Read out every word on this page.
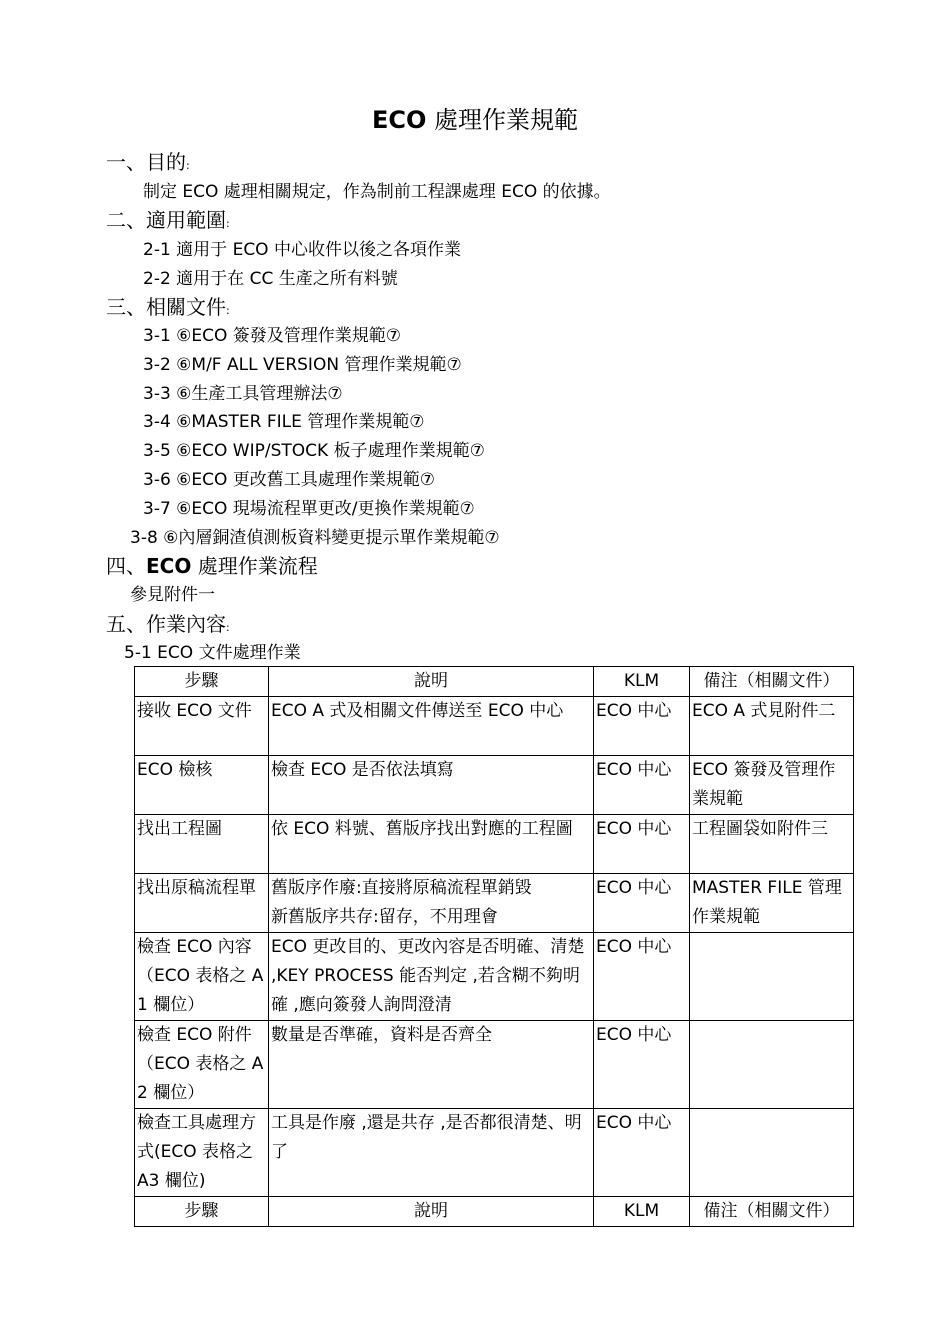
ECO 處理作業規範
一、目的:
制定 ECO 處理相關規定，作為制前工程課處理 ECO 的依據。
二、適用範圍:
2-1 適用于 ECO 中心收件以後之各項作業
2-2 適用于在 CC 生產之所有料號
三、相關文件:
3-1 ⑥ECO 簽發及管理作業規範⑦
3-2 ⑥M/F ALL VERSION 管理作業規範⑦
3-3 ⑥生產工具管理辦法⑦
3-4 ⑥MASTER FILE 管理作業規範⑦
3-5 ⑥ECO WIP/STOCK 板子處理作業規範⑦
3-6 ⑥ECO 更改舊工具處理作業規範⑦
3-7 ⑥ECO 現場流程單更改/更換作業規範⑦
3-8 ⑥內層銅渣偵測板資料變更提示單作業規範⑦
四、ECO 處理作業流程
參見附件一
五、作業內容:
5-1 ECO 文件處理作業
步驟	說明	KLM	備注（相關文件）
接收 ECO 文件	ECO A 式及相關文件傳送至 ECO 中心	ECO 中心	ECO A 式見附件二
ECO 檢核	檢查 ECO 是否依法填寫	ECO 中心	ECO 簽發及管理作業規範
找出工程圖	依 ECO 料號、舊版序找出對應的工程圖	ECO 中心	工程圖袋如附件三
找出原稿流程單	舊版序作廢:直接將原稿流程單銷毀
新舊版序共存:留存，不用理會	ECO 中心	MASTER FILE 管理作業規範
檢查 ECO 內容（ECO 表格之 A1 欄位）	ECO 更改目的、更改內容是否明確、清楚 ,KEY PROCESS 能否判定 ,若含糊不夠明確 ,應向簽發人詢問澄清	ECO 中心	
檢查 ECO 附件（ECO 表格之 A2 欄位）	數量是否準確，資料是否齊全	ECO 中心	
檢查工具處理方式(ECO 表格之 A3 欄位)	工具是作廢 ,還是共存 ,是否都很清楚、明了	ECO 中心	
步驟	說明	KLM	備注（相關文件）
